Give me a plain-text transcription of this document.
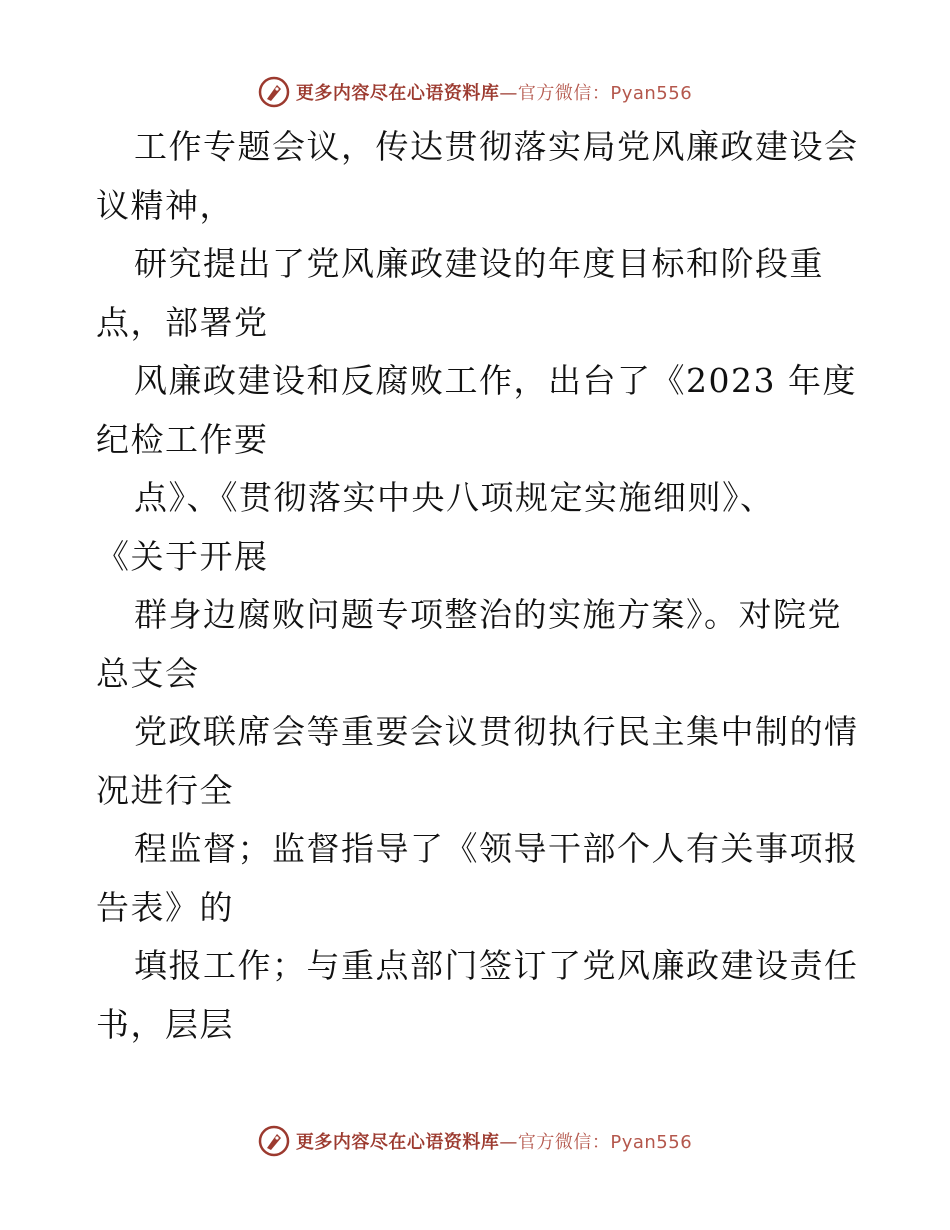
更多内容尽在心语资料库—官方微信：Pyan556
工作专题会议，传达贯彻落实局党风廉政建设会
议精神，
研究提出了党风廉政建设的年度目标和阶段重
点，部署党
风廉政建设和反腐败工作，出台了《2023 年度
纪检工作要
点》、《贯彻落实中央八项规定实施细则》、
《关于开展
群身边腐败问题专项整治的实施方案》。对院党
总支会
党政联席会等重要会议贯彻执行民主集中制的情
况进行全
程监督；监督指导了《领导干部个人有关事项报
告表》的
填报工作；与重点部门签订了党风廉政建设责任
书，层层
更多内容尽在心语资料库—官方微信：Pyan556
